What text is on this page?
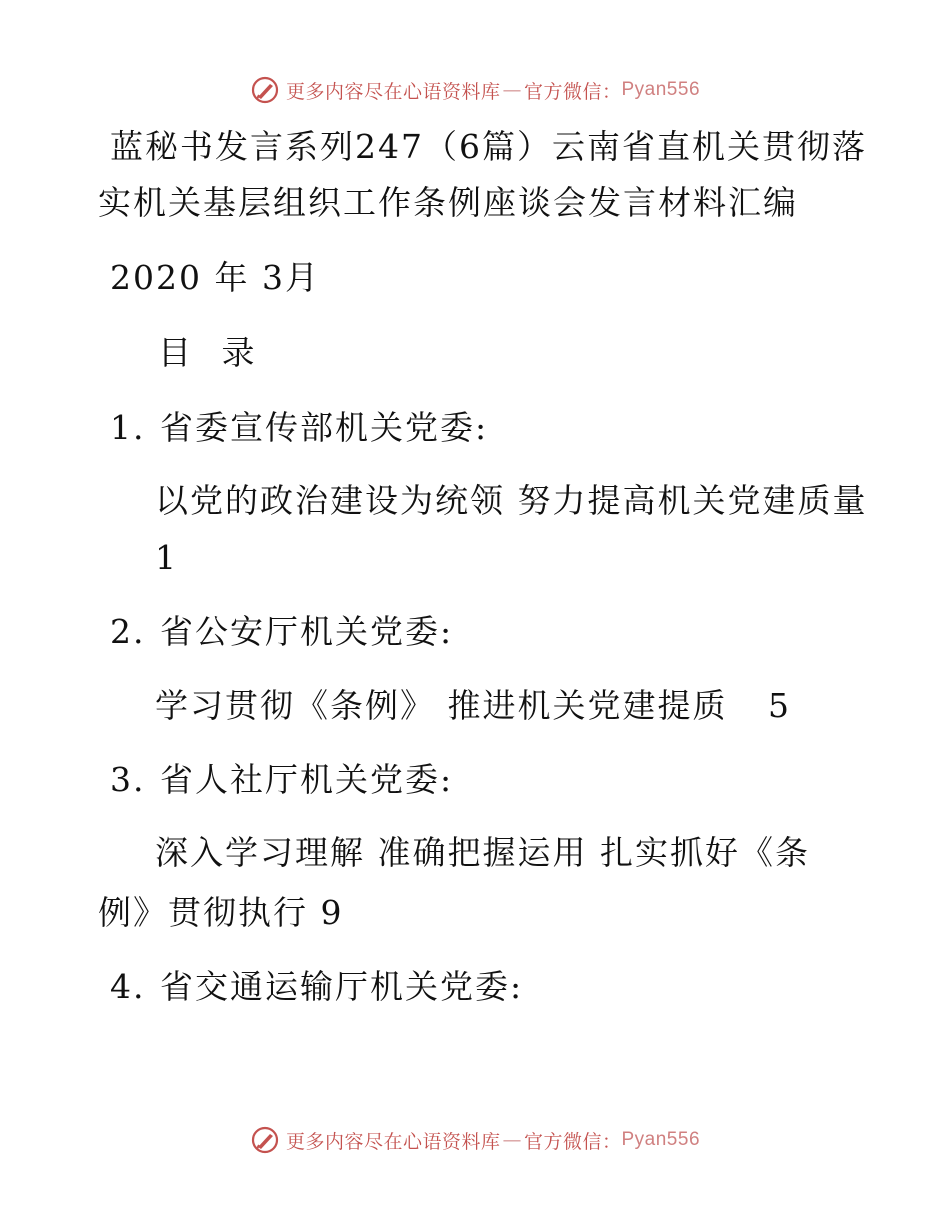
更多内容尽在心语资料库 — 官方微信： Pyan556
蓝秘书发言系列247（6篇）云南省直机关贯彻落
实机关基层组织工作条例座谈会发言材料汇编
2020 年 3月
目 录
1. 省委宣传部机关党委:
以党的政治建设为统领 努力提高机关党建质量
1
2. 省公安厅机关党委:
学习贯彻《条例》 推进机关党建提质 5
3. 省人社厅机关党委:
深入学习理解 准确把握运用 扎实抓好《条
例》贯彻执行 9
4. 省交通运输厅机关党委:
更多内容尽在心语资料库 — 官方微信： Pyan556
